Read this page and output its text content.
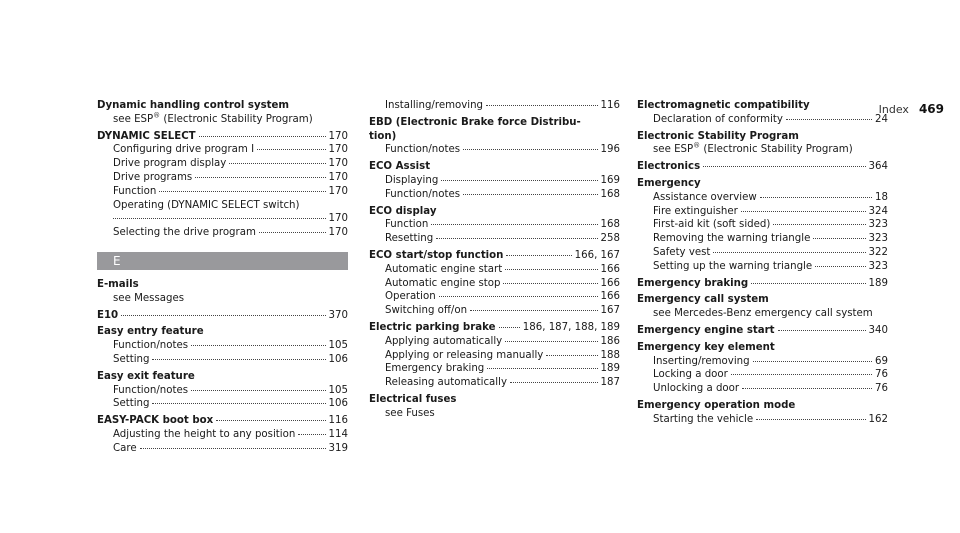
Index 469
Dynamic handling control system
see ESP® (Electronic Stability Program)
DYNAMIC SELECT	170
Configuring drive program I	170
Drive program display	170
Drive programs	170
Function	170
Operating (DYNAMIC SELECT switch)
170
Selecting the drive program	170
E
E-mails
see Messages
E10	370
Easy entry feature
Function/notes	105
Setting	106
Easy exit feature
Function/notes	105
Setting	106
EASY-PACK boot box	116
Adjusting the height to any position	114
Care	319
Installing/removing	116
EBD (Electronic Brake force Distribu-
tion)
Function/notes	196
ECO Assist
Displaying	169
Function/notes	168
ECO display
Function	168
Resetting	258
ECO start/stop function	166, 167
Automatic engine start	166
Automatic engine stop	166
Operation	166
Switching off/on	167
Electric parking brake	186, 187, 188, 189
Applying automatically	186
Applying or releasing manually	188
Emergency braking	189
Releasing automatically	187
Electrical fuses
see Fuses
Electromagnetic compatibility
Declaration of conformity	24
Electronic Stability Program
see ESP® (Electronic Stability Program)
Electronics	364
Emergency
Assistance overview	18
Fire extinguisher	324
First-aid kit (soft sided)	323
Removing the warning triangle	323
Safety vest	322
Setting up the warning triangle	323
Emergency braking	189
Emergency call system
see Mercedes-Benz emergency call system
Emergency engine start	340
Emergency key element
Inserting/removing	69
Locking a door	76
Unlocking a door	76
Emergency operation mode
Starting the vehicle	162
